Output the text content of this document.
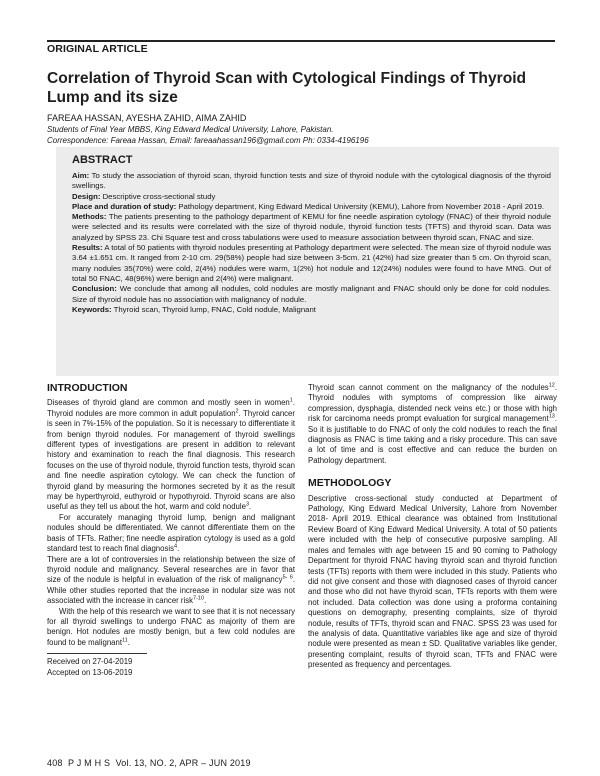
ORIGINAL ARTICLE
Correlation of Thyroid Scan with Cytological Findings of Thyroid Lump and its size
FAREAA HASSAN, AYESHA ZAHID, AIMA ZAHID
Students of Final Year MBBS, King Edward Medical University, Lahore, Pakistan.
Correspondence: Fareaa Hassan, Email: fareaahassan196@gmail.com Ph: 0334-4196196
ABSTRACT

Aim: To study the association of thyroid scan, thyroid function tests and size of thyroid nodule with the cytological diagnosis of the thyroid swellings.

Design: Descriptive cross-sectional study

Place and duration of study: Pathology department, King Edward Medical University (KEMU), Lahore from November 2018 - April 2019.

Methods: The patients presenting to the pathology department of KEMU for fine needle aspiration cytology (FNAC) of their thyroid nodule were selected and its results were correlated with the size of thyroid nodule, thyroid function tests (TFTS) and thyroid scan. Data was analyzed by SPSS 23. Chi Square test and cross tabulations were used to measure association between thyroid scan, FNAC and size.

Results: A total of 50 patients with thyroid nodules presenting at Pathology department were selected. The mean size of thyroid nodule was 3.64 ±1.651 cm. It ranged from 2-10 cm. 29(58%) people had size between 3-5cm. 21 (42%) had size greater than 5 cm. On thyroid scan, many nodules 35(70%) were cold, 2(4%) nodules were warm, 1(2%) hot nodule and 12(24%) nodules were found to have MNG. Out of total 50 FNAC, 48(96%) were benign and 2(4%) were malignant.

Conclusion: We conclude that among all nodules, cold nodules are mostly malignant and FNAC should only be done for cold nodules. Size of thyroid nodule has no association with malignancy of nodule.

Keywords: Thyroid scan, Thyroid lump, FNAC, Cold nodule, Malignant

INTRODUCTION

Diseases of thyroid gland are common and mostly seen in women$^1$. Thyroid nodules are more common in adult population$^2$. Thyroid cancer is seen in 7%-15% of the population. So it is necessary to differentiate it from benign thyroid nodules. For management of thyroid swellings different types of investigations are present in addition to relevant history and examination to reach the final diagnosis. This research focuses on the use of thyroid nodule, thyroid function tests, thyroid scan and fine needle aspiration cytology. We can check the function of thyroid gland by measuring the hormones secreted by it as the result may be hyperthyroid, euthyroid or hypothyroid. Thyroid scans are also useful as they tell us about the hot, warm and cold nodule$^3$.

For accurately managing thyroid lump, benign and malignant nodules should be differentiated. We cannot differentiate them on the basis of TFTs. Rather; fine needle aspiration cytology is used as a gold standard test to reach final diagnosis$^4$.

There are a lot of controversies in the relationship between the size of thyroid nodule and malignancy. Several researches are in favor that size of the nodule is helpful in evaluation of the risk of malignancy$^{5- 6}$. While other studies reported that the increase in nodular size was not associated with the increase in cancer risk$^{7-10}$.

With the help of this research we want to see that it is not necessary for all thyroid swellings to undergo FNAC as majority of them are benign. Hot nodules are mostly benign, but a few cold nodules are found to be malignant$^{11}$.

Received on 27-04-2019
Accepted on 13-06-2019

Thyroid scan cannot comment on the malignancy of the nodules$^{12}$. Thyroid nodules with symptoms of compression like airway compression, dysphagia, distended neck veins etc.) or those with high risk for carcinoma needs prompt evaluation for surgical management$^{13}$. So it is justifiable to do FNAC of only the cold nodules to reach the final diagnosis as FNAC is time taking and a risky procedure. This can save a lot of time and is cost effective and can reduce the burden on Pathology department.

METHODOLOGY

Descriptive cross-sectional study conducted at Department of Pathology, King Edward Medical University, Lahore from November 2018- April 2019. Ethical clearance was obtained from Institutional Review Board of King Edward Medical University. A total of 50 patients were included with the help of consecutive purposive sampling. All males and females with age between 15 and 90 coming to Pathology Department for thyroid FNAC having thyroid scan and thyroid function tests (TFTs) reports with them were included in this study. Patients who did not give consent and those with diagnosed cases of thyroid cancer and those who did not have thyroid scan, TFTs reports with them were not included. Data collection was done using a proforma containing questions on demography, presenting complaints, size of thyroid nodule, results of TFTs, thyroid scan and FNAC. SPSS 23 was used for the analysis of data. Quantitative variables like age and size of thyroid nodule were presented as mean ± SD. Qualitative variables like gender, presenting complaint, results of thyroid scan, TFTs and FNAC were presented as frequency and percentages.

408 P J M H S Vol. 13, NO. 2, APR – JUN 2019
